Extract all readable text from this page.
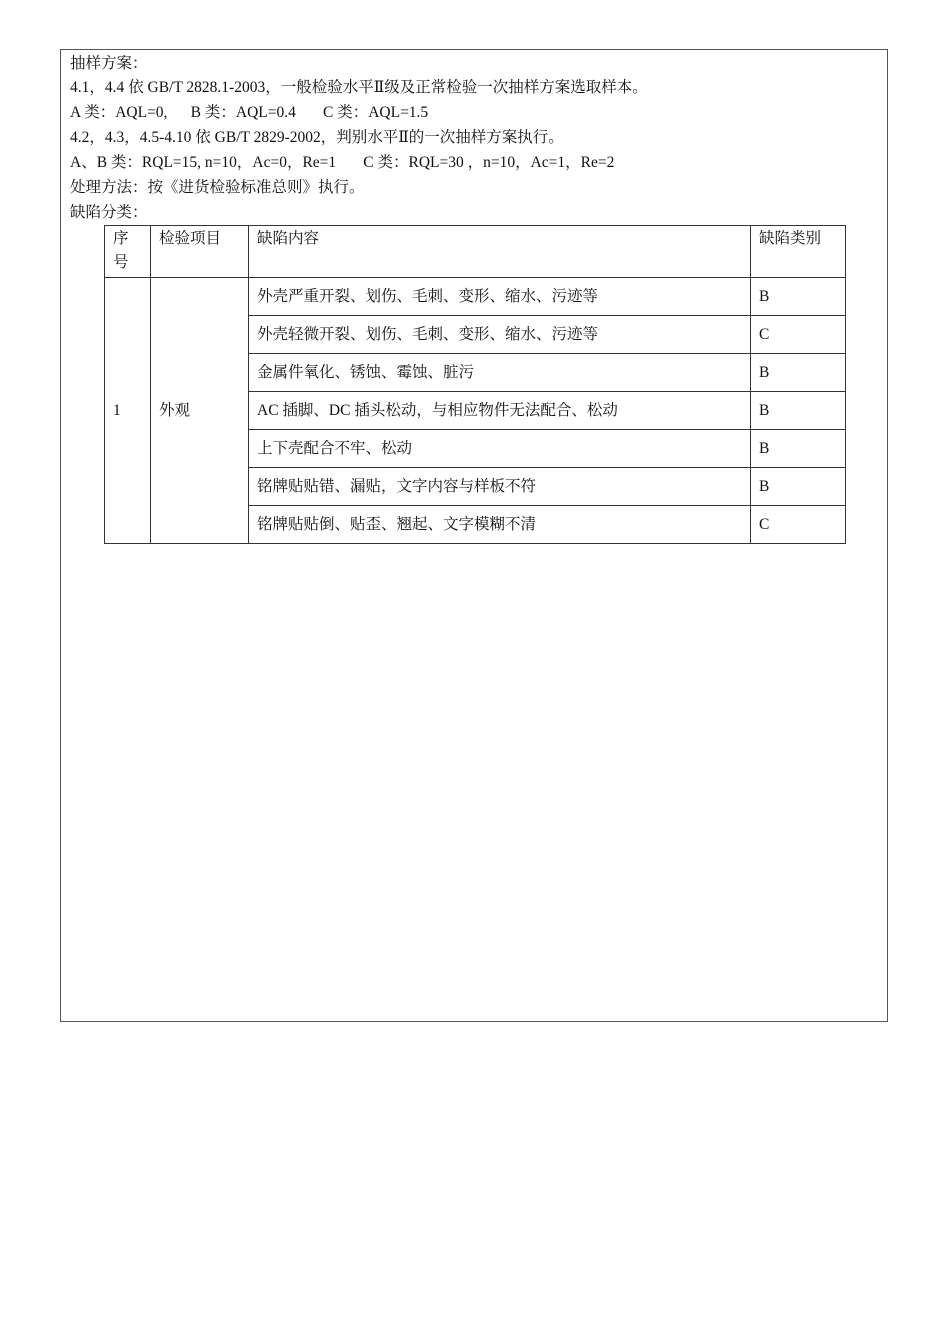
抽样方案：
4.1，4.4 依 GB/T 2828.1-2003，一般检验水平Ⅱ级及正常检验一次抽样方案选取样本。
A 类：AQL=0,      B 类：AQL=0.4       C 类：AQL=1.5
4.2，4.3，4.5-4.10 依 GB/T 2829-2002，判别水平Ⅱ的一次抽样方案执行。
A、B 类：RQL=15, n=10，Ac=0，Re=1       C 类：RQL=30 ，n=10，Ac=1，Re=2
处理方法：按《进货检验标准总则》执行。
缺陷分类：
序号	检验项目	缺陷内容	缺陷类别
1	外观	外壳严重开裂、划伤、毛刺、变形、缩水、污迹等	B
		外壳轻微开裂、划伤、毛刺、变形、缩水、污迹等	C
		金属件氧化、锈蚀、霉蚀、脏污	B
		AC 插脚、DC 插头松动，与相应物件无法配合、松动	B
		上下壳配合不牢、松动	B
		铭牌贴贴错、漏贴，文字内容与样板不符	B
		铭牌贴贴倒、贴歪、翘起、文字模糊不清	C
